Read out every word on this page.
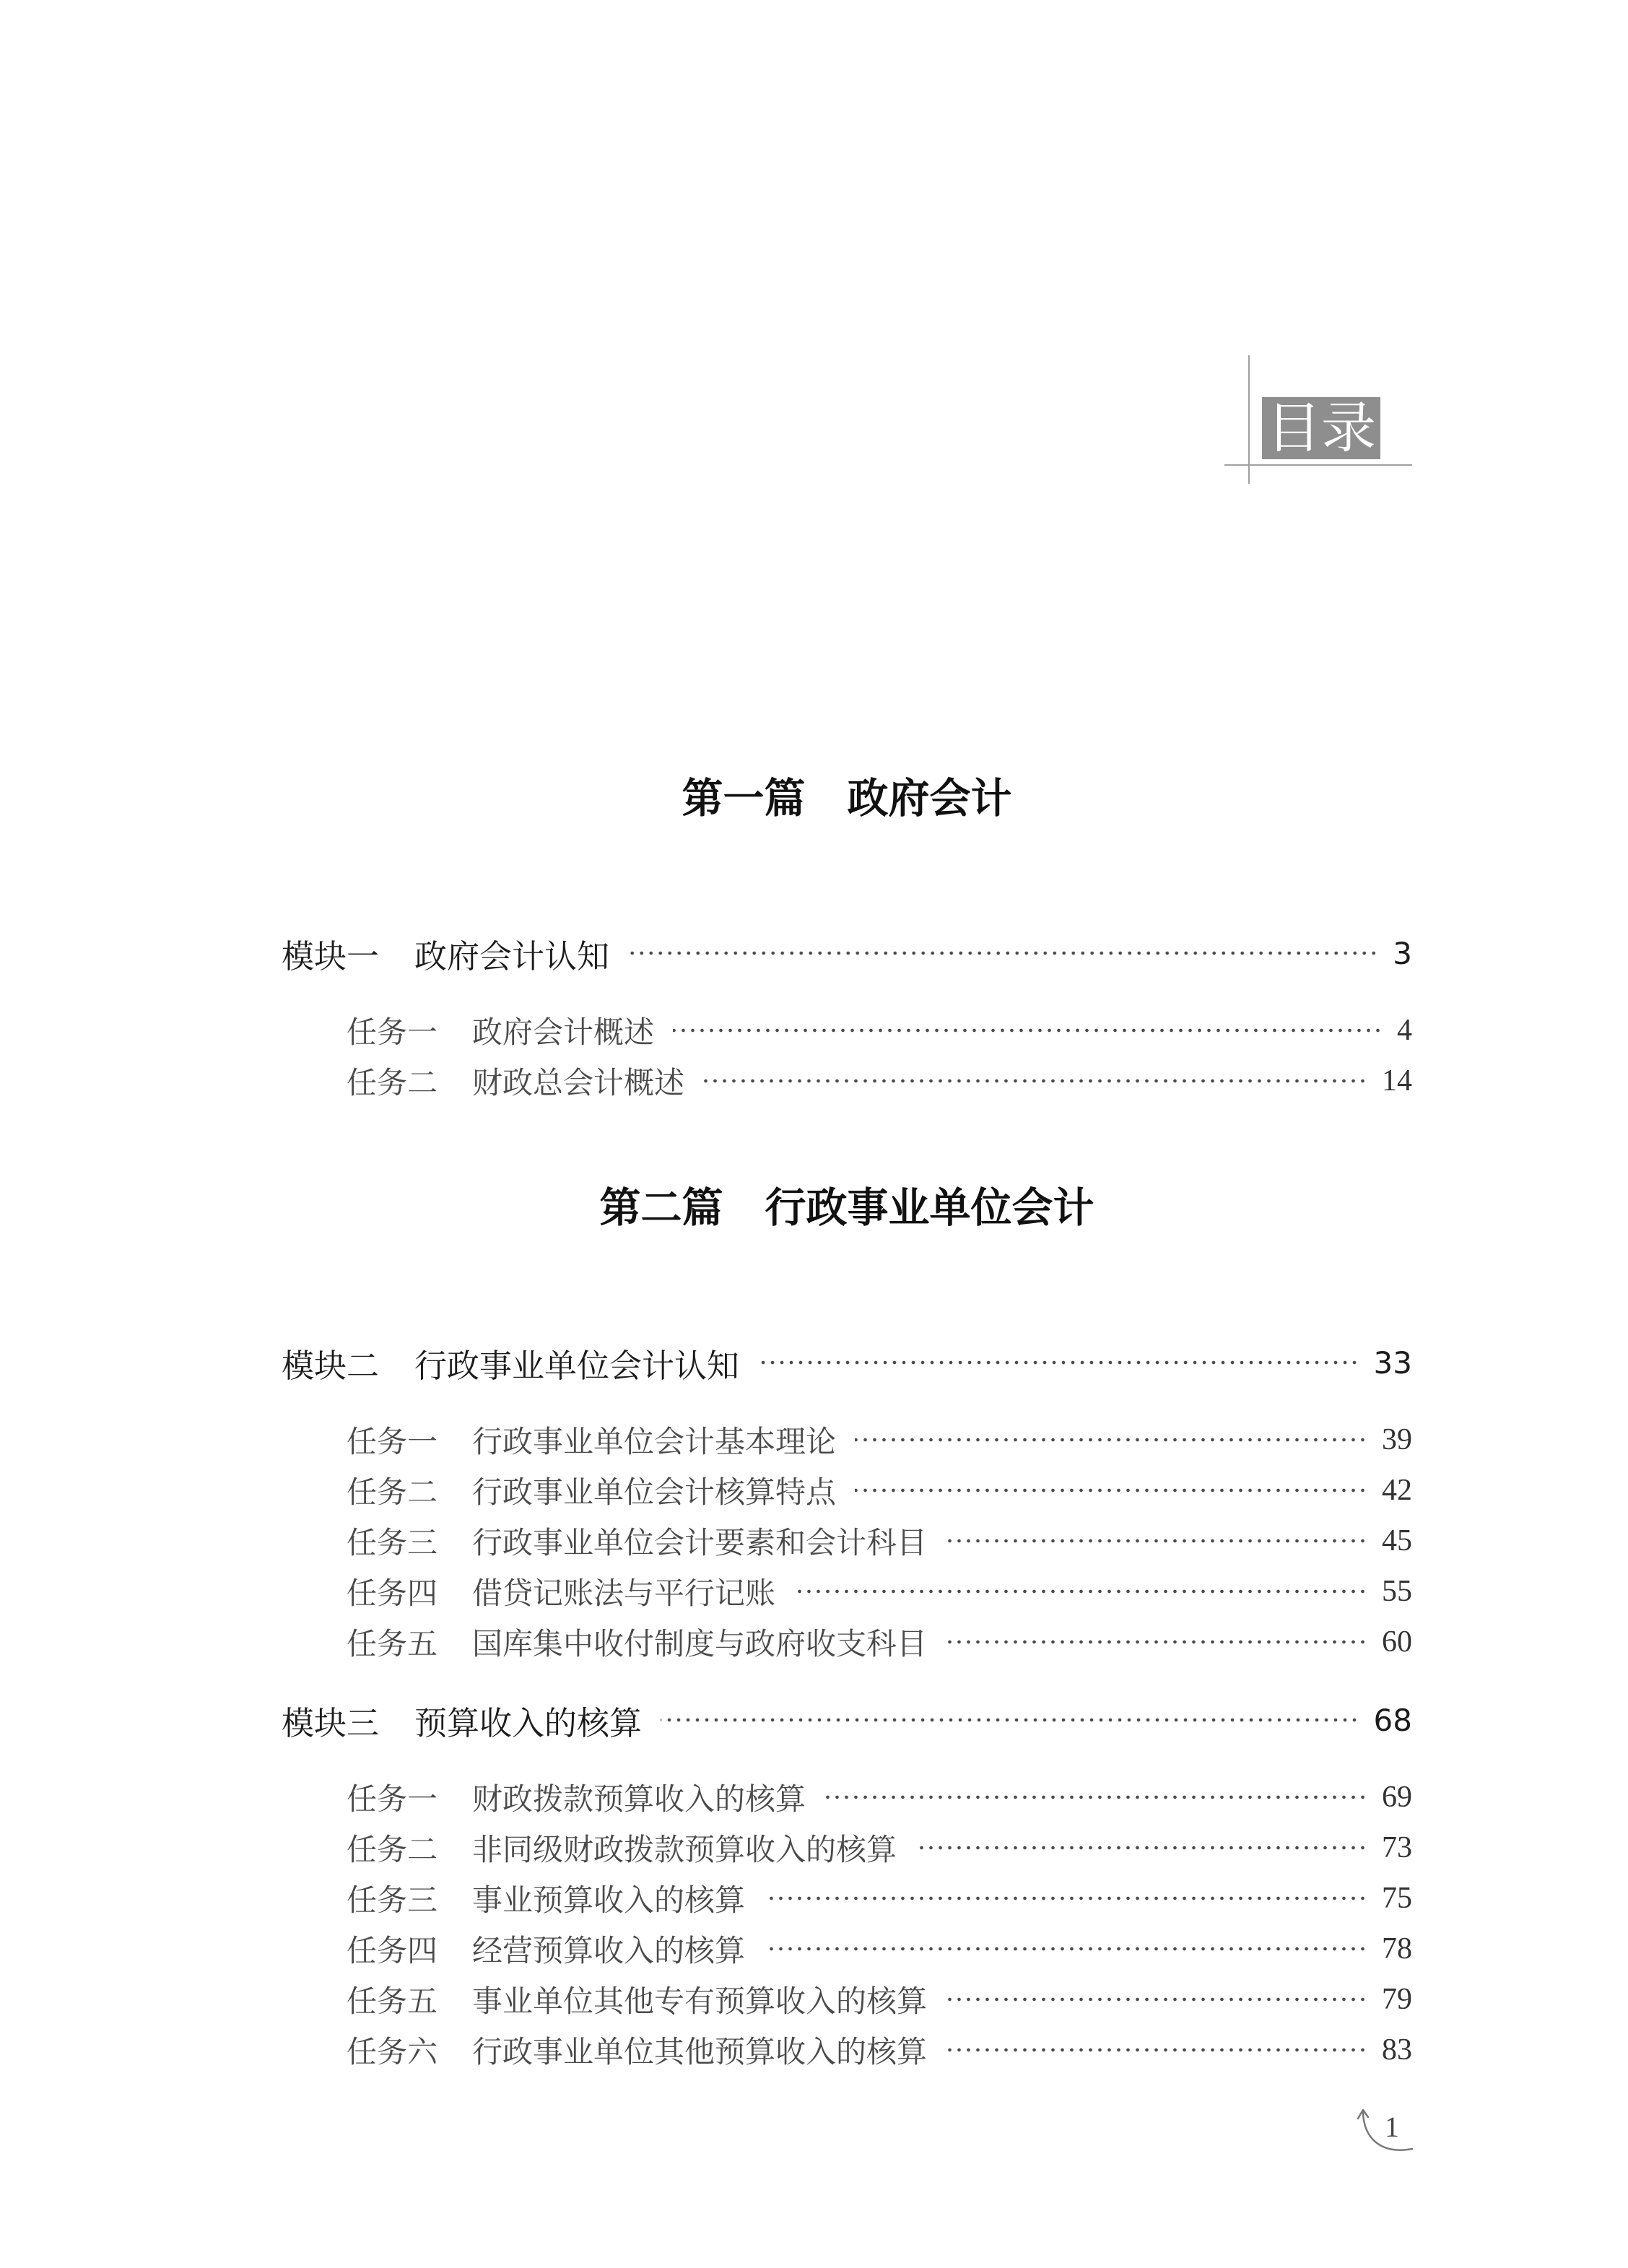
目录
第一篇 政府会计
模块一	政府会计认知	3
任务一	政府会计概述	4
任务二	财政总会计概述	14
第二篇 行政事业单位会计
模块二	行政事业单位会计认知	33
任务一	行政事业单位会计基本理论	39
任务二	行政事业单位会计核算特点	42
任务三	行政事业单位会计要素和会计科目	45
任务四	借贷记账法与平行记账	55
任务五	国库集中收付制度与政府收支科目	60
模块三	预算收入的核算	68
任务一	财政拨款预算收入的核算	69
任务二	非同级财政拨款预算收入的核算	73
任务三	事业预算收入的核算	75
任务四	经营预算收入的核算	78
任务五	事业单位其他专有预算收入的核算	79
任务六	行政事业单位其他预算收入的核算	83
1
